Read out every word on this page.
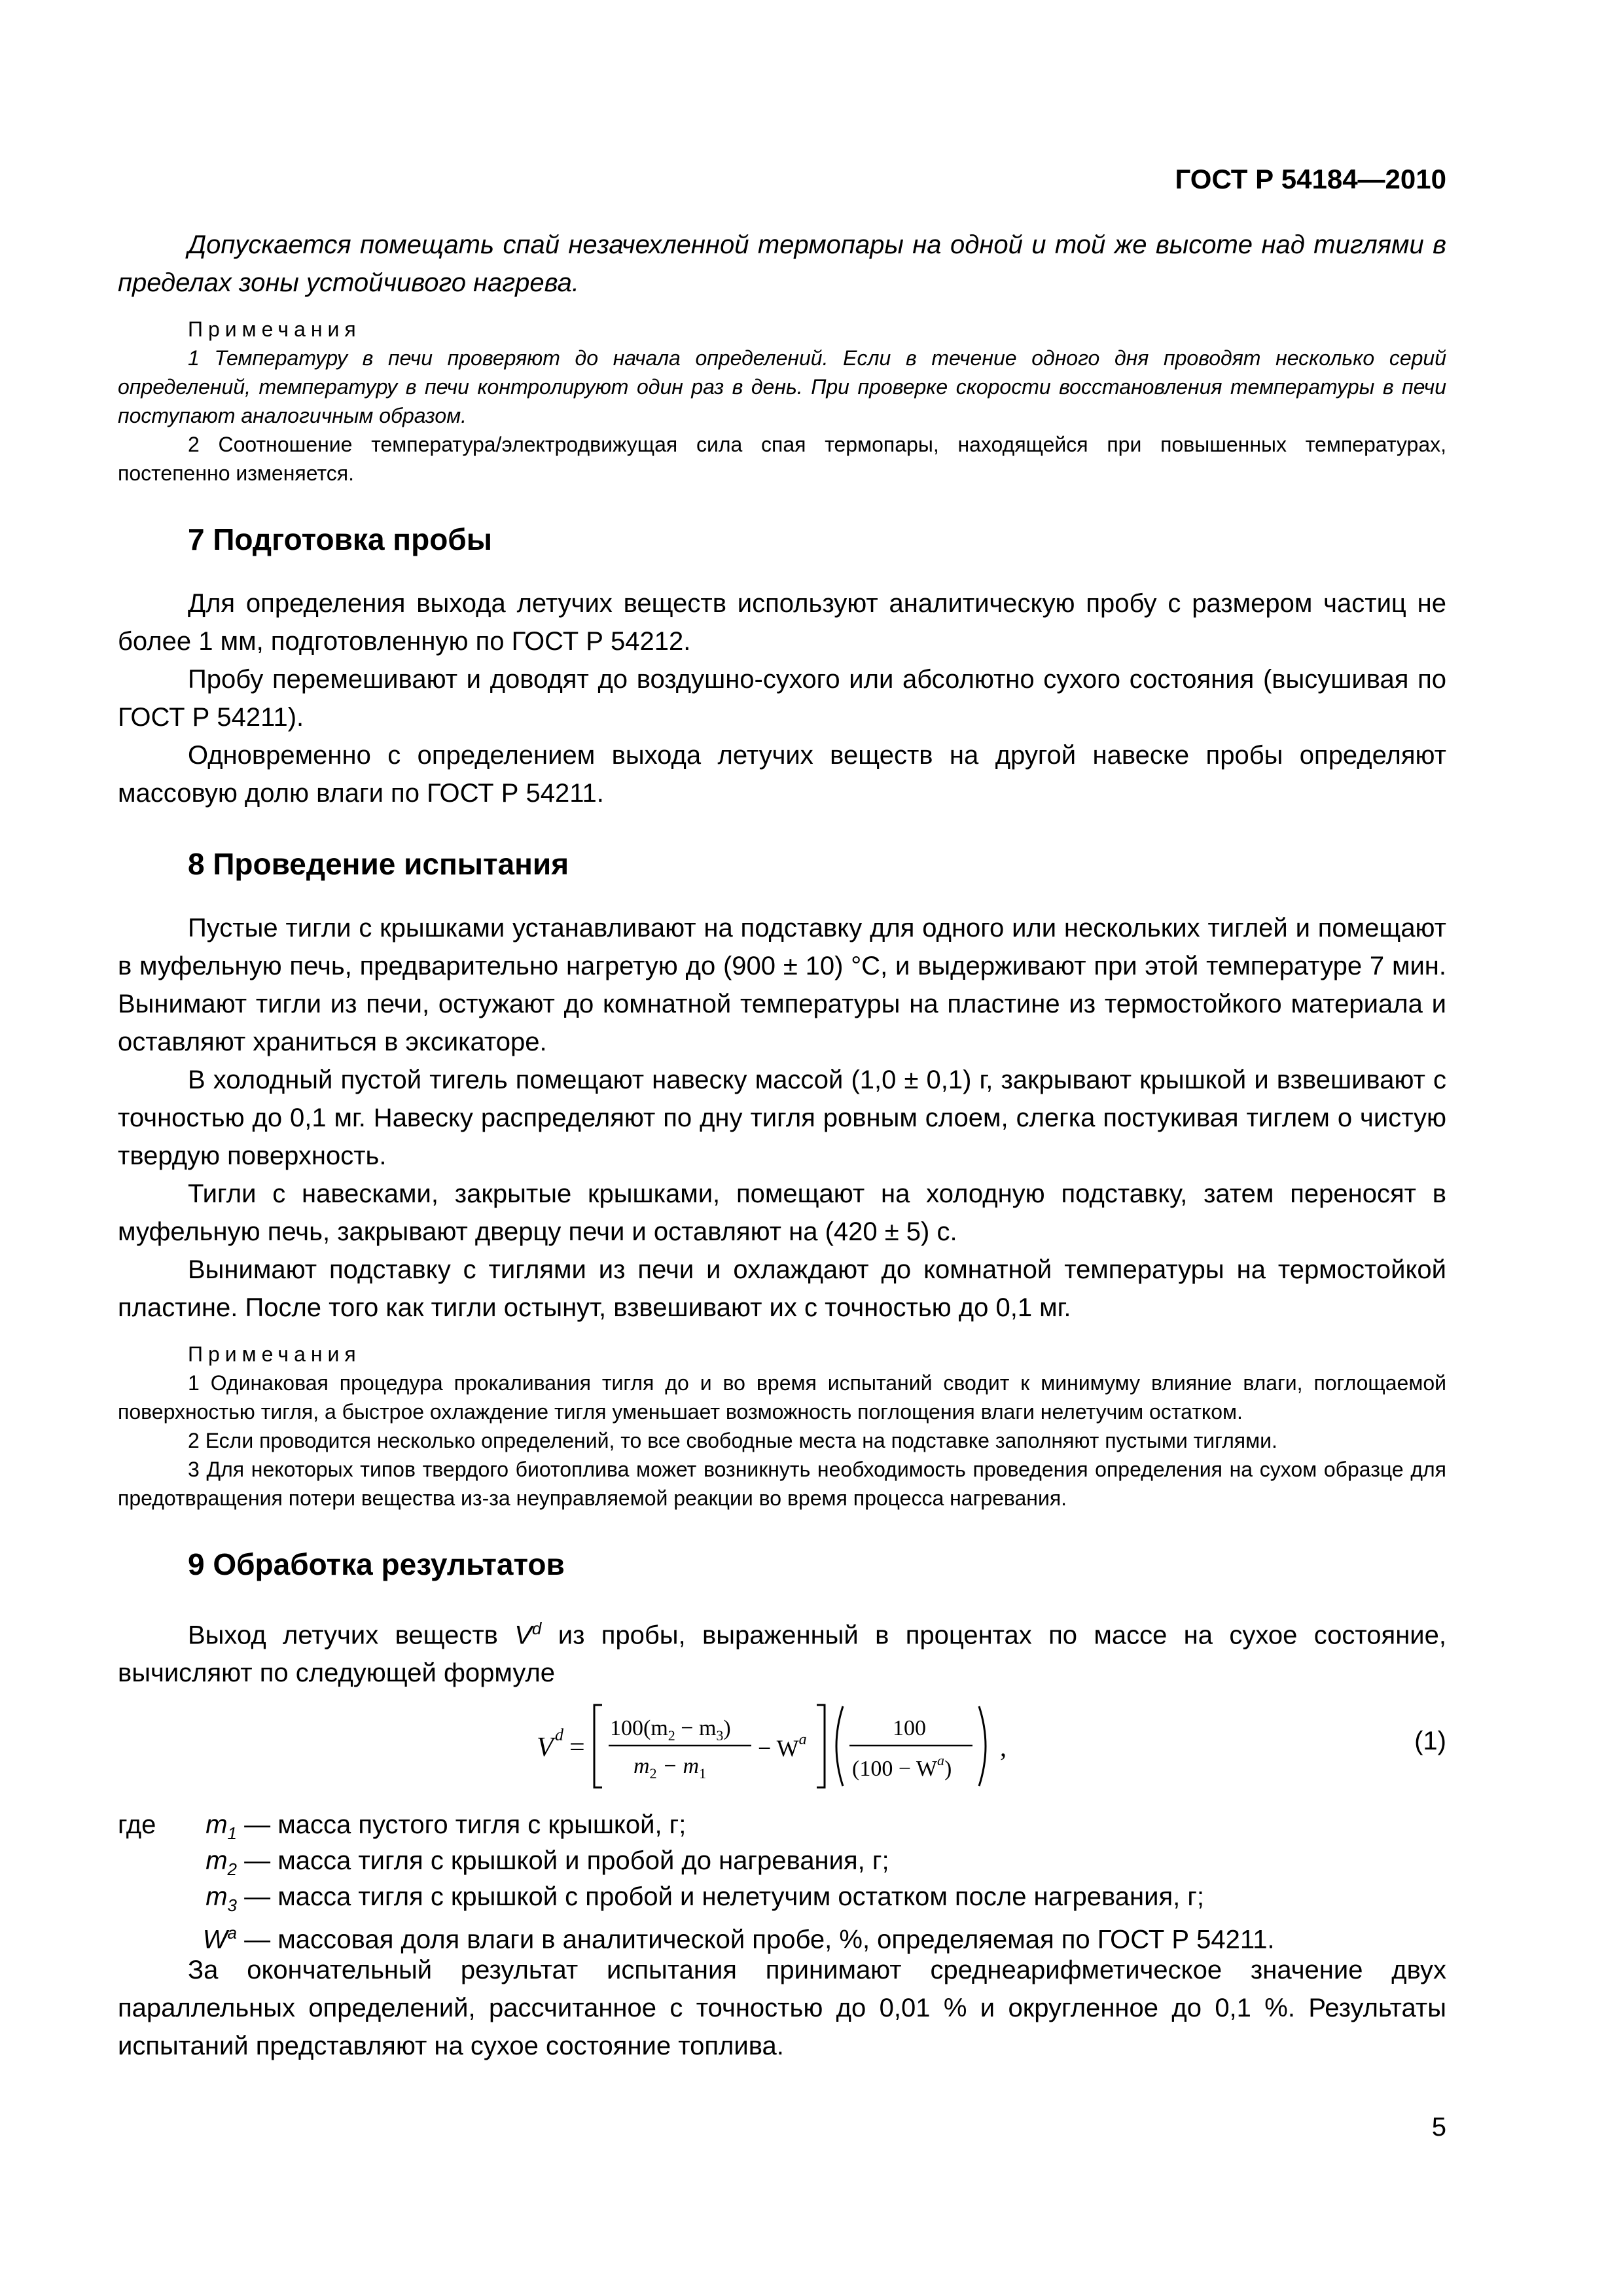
ГОСТ Р 54184—2010

Допускается помещать спай незачехленной термопары на одной и той же высоте над тиглями в пределах зоны устойчивого нагрева.

Примечания

1 Температуру в печи проверяют до начала определений. Если в течение одного дня проводят несколько серий определений, температуру в печи контролируют один раз в день. При проверке скорости восстановления температуры в печи поступают аналогичным образом.

2 Соотношение температура/электродвижущая сила спая термопары, находящейся при повышенных температурах, постепенно изменяется.

7 Подготовка пробы

Для определения выхода летучих веществ используют аналитическую пробу с размером частиц не более 1 мм, подготовленную по ГОСТ Р 54212.

Пробу перемешивают и доводят до воздушно-сухого или абсолютно сухого состояния (высушивая по ГОСТ Р 54211).

Одновременно с определением выхода летучих веществ на другой навеске пробы определяют массовую долю влаги по ГОСТ Р 54211.

8 Проведение испытания

Пустые тигли с крышками устанавливают на подставку для одного или нескольких тиглей и помещают в муфельную печь, предварительно нагретую до (900 ± 10) °С, и выдерживают при этой температуре 7 мин. Вынимают тигли из печи, остужают до комнатной температуры на пластине из термостойкого материала и оставляют храниться в эксикаторе.

В холодный пустой тигель помещают навеску массой (1,0 ± 0,1) г, закрывают крышкой и взвешивают с точностью до 0,1 мг. Навеску распределяют по дну тигля ровным слоем, слегка постукивая тиглем о чистую твердую поверхность.

Тигли с навесками, закрытые крышками, помещают на холодную подставку, затем переносят в муфельную печь, закрывают дверцу печи и оставляют на (420 ± 5) с.

Вынимают подставку с тиглями из печи и охлаждают до комнатной температуры на термостойкой пластине. После того как тигли остынут, взвешивают их с точностью до 0,1 мг.

Примечания

1 Одинаковая процедура прокаливания тигля до и во время испытаний сводит к минимуму влияние влаги, поглощаемой поверхностью тигля, а быстрое охлаждение тигля уменьшает возможность поглощения влаги нелетучим остатком.

2 Если проводится несколько определений, то все свободные места на подставке заполняют пустыми тиглями.

3 Для некоторых типов твердого биотоплива может возникнуть необходимость проведения определения на сухом образце для предотвращения потери вещества из-за неуправляемой реакции во время процесса нагревания.

9 Обработка результатов

Выход летучих веществ $V^d$ из пробы, выраженный в процентах по массе на сухое состояние, вычисляют по следующей формуле

V d =
$100(m_2 - m_3)$
$m_2 - m_1$
− $W^a$	100
$(100 - W^a)$
,	(1)
где $m_1$ — масса пустого тигля с крышкой, г;
$m_2$ — масса тигля с крышкой и пробой до нагревания, г;
$m_3$ — масса тигля с крышкой с пробой и нелетучим остатком после нагревания, г;
$W^a$ — массовая доля влаги в аналитической пробе, %, определяемая по ГОСТ Р 54211.

За окончательный результат испытания принимают среднеарифметическое значение двух параллельных определений, рассчитанное с точностью до 0,01 % и округленное до 0,1 %. Результаты испытаний представляют на сухое состояние топлива.

5
